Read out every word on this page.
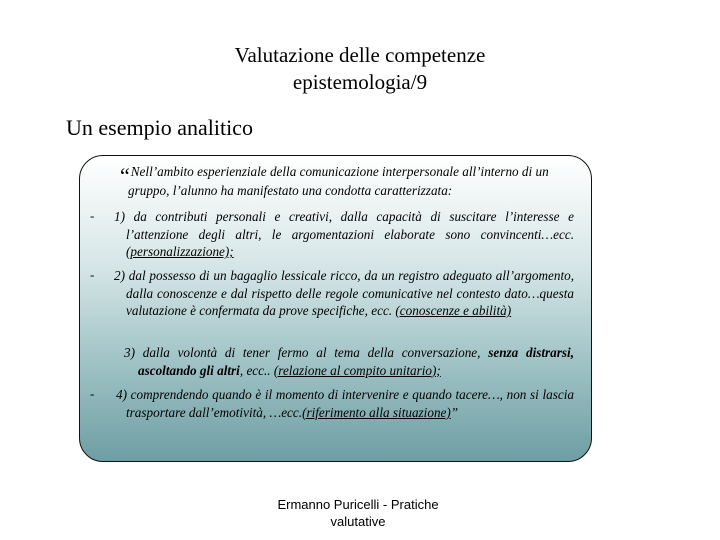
Valutazione delle competenze
epistemologia/9
Un esempio analitico
“Nell’ambito esperienziale della comunicazione interpersonale all’interno di un gruppo, l’alunno ha manifestato una condotta caratterizzata:
- 1) da contributi personali e creativi, dalla capacità di suscitare l’interesse e l’attenzione degli altri, le argomentazioni elaborate sono convincenti…ecc. (personalizzazione);
- 2) dal possesso di un bagaglio lessicale ricco, da un registro adeguato all’argomento, dalla conoscenze e dal rispetto delle regole comunicative nel contesto dato…questa valutazione è confermata da prove specifiche, ecc. (conoscenze e abilità)
3) dalla volontà di tener fermo al tema della conversazione, senza distrarsi, ascoltando gli altri, ecc.. (relazione al compito unitario);
- 4) comprendendo quando è il momento di intervenire e quando tacere…, non si lascia trasportare dall’emotività, …ecc.(riferimento alla situazione)”
Ermanno Puricelli - Pratiche
valutative
